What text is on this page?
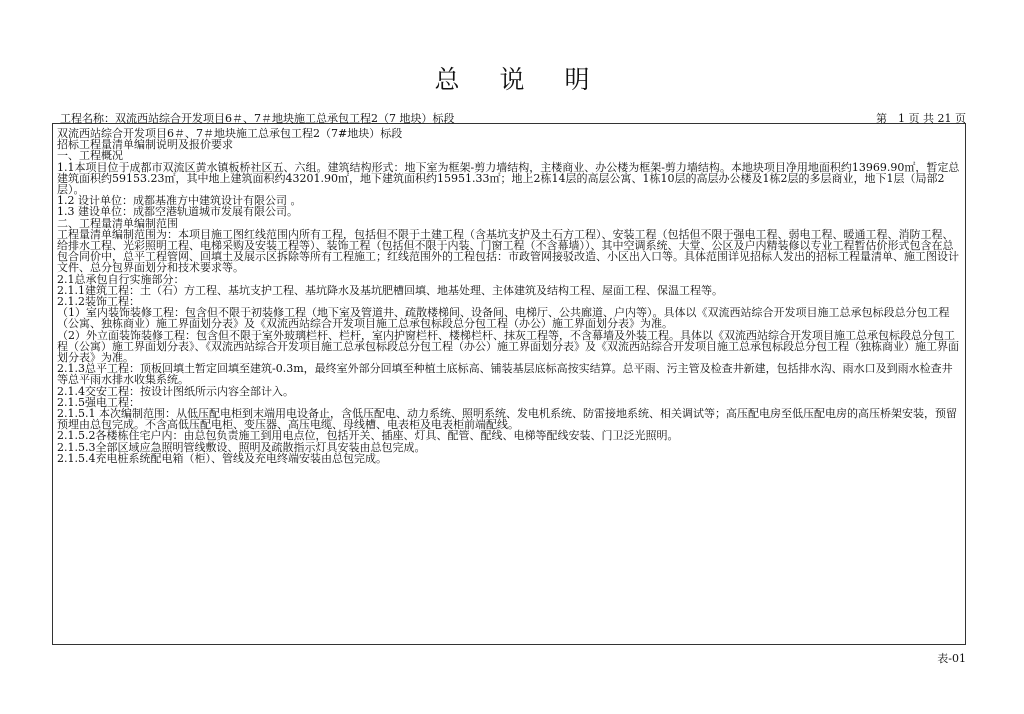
总 说 明
工程名称：双流西站综合开发项目6＃、7＃地块施工总承包工程2（7 地块）标段	第　1 页 共 21 页

双流西站综合开发项目6＃、7＃地块施工总承包工程2（7#地块）标段

招标工程量清单编制说明及报价要求

一、工程概况

1.1本项目位于成都市双流区黄水镇板桥社区五、六组。建筑结构形式：地下室为框架-剪力墙结构，主楼商业、办公楼为框架-剪力墙结构。本地块项目净用地面积约13969.90㎡，暂定总建筑面积约59153.23㎡，其中地上建筑面积约43201.90㎡，地下建筑面积约15951.33㎡；地上2栋14层的高层公寓、1栋10层的高层办公楼及1栋2层的多层商业，地下1层（局部2层）。

1.2 设计单位：成都基准方中建筑设计有限公司 。

1.3 建设单位：成都空港轨道城市发展有限公司。

二、工程量清单编制范围

工程量清单编制范围为：本项目施工图红线范围内所有工程，包括但不限于土建工程（含基坑支护及土石方工程）、安装工程（包括但不限于强电工程、弱电工程、暖通工程、消防工程、给排水工程、光彩照明工程、电梯采购及安装工程等）、装饰工程（包括但不限于内装、门窗工程（不含幕墙））、其中空调系统、大堂、公区及户内精装修以专业工程暂估价形式包含在总包合同价中，总平工程管网、回填土及展示区拆除等所有工程施工；红线范围外的工程包括：市政管网接驳改造、小区出入口等。具体范围详见招标人发出的招标工程量清单、施工图设计文件、总分包界面划分和技术要求等。

2.1总承包自行实施部分：

2.1.1建筑工程：土（石）方工程、基坑支护工程、基坑降水及基坑肥槽回填、地基处理、主体建筑及结构工程、屋面工程、保温工程等。

2.1.2装饰工程：

（1）室内装饰装修工程：包含但不限于初装修工程（地下室及管道井、疏散楼梯间、设备间、电梯厅、公共廊道、户内等）。具体以《双流西站综合开发项目施工总承包标段总分包工程（公寓、独栋商业）施工界面划分表》及《双流西站综合开发项目施工总承包标段总分包工程（办公）施工界面划分表》为准。

（2）外立面装饰装修工程：包含但不限于室外玻璃栏杆、栏杆，室内护窗栏杆、楼梯栏杆、抹灰工程等，不含幕墙及外装工程。具体以《双流西站综合开发项目施工总承包标段总分包工程（公寓）施工界面划分表》、《双流西站综合开发项目施工总承包标段总分包工程（办公）施工界面划分表》及《双流西站综合开发项目施工总承包标段总分包工程（独栋商业）施工界面划分表》为准。

2.1.3总平工程：顶板回填土暂定回填至建筑-0.3m，最终室外部分回填至种植土底标高、铺装基层底标高按实结算。总平雨、污主管及检查井新建，包括排水沟、雨水口及到雨水检查井等总平雨水排水收集系统。

2.1.4交安工程：按设计图纸所示内容全部计入。

2.1.5强电工程：

2.1.5.1 本次编制范围：从低压配电柜到末端用电设备止，含低压配电、动力系统、照明系统、发电机系统、防雷接地系统、相关调试等；高压配电房至低压配电房的高压桥架安装，预留预埋由总包完成。不含高低压配电柜、变压器、高压电缆、母线槽、电表柜及电表柜前端配线。

2.1.5.2各楼栋住宅户内：由总包负责施工到用电点位，包括开关、插座、灯具、配管、配线、电梯等配线安装、门卫泛光照明。

2.1.5.3全部区域应急照明管线敷设、照明及疏散指示灯具安装由总包完成。

2.1.5.4充电桩系统配电箱（柜）、管线及充电终端安装由总包完成。

表-01
